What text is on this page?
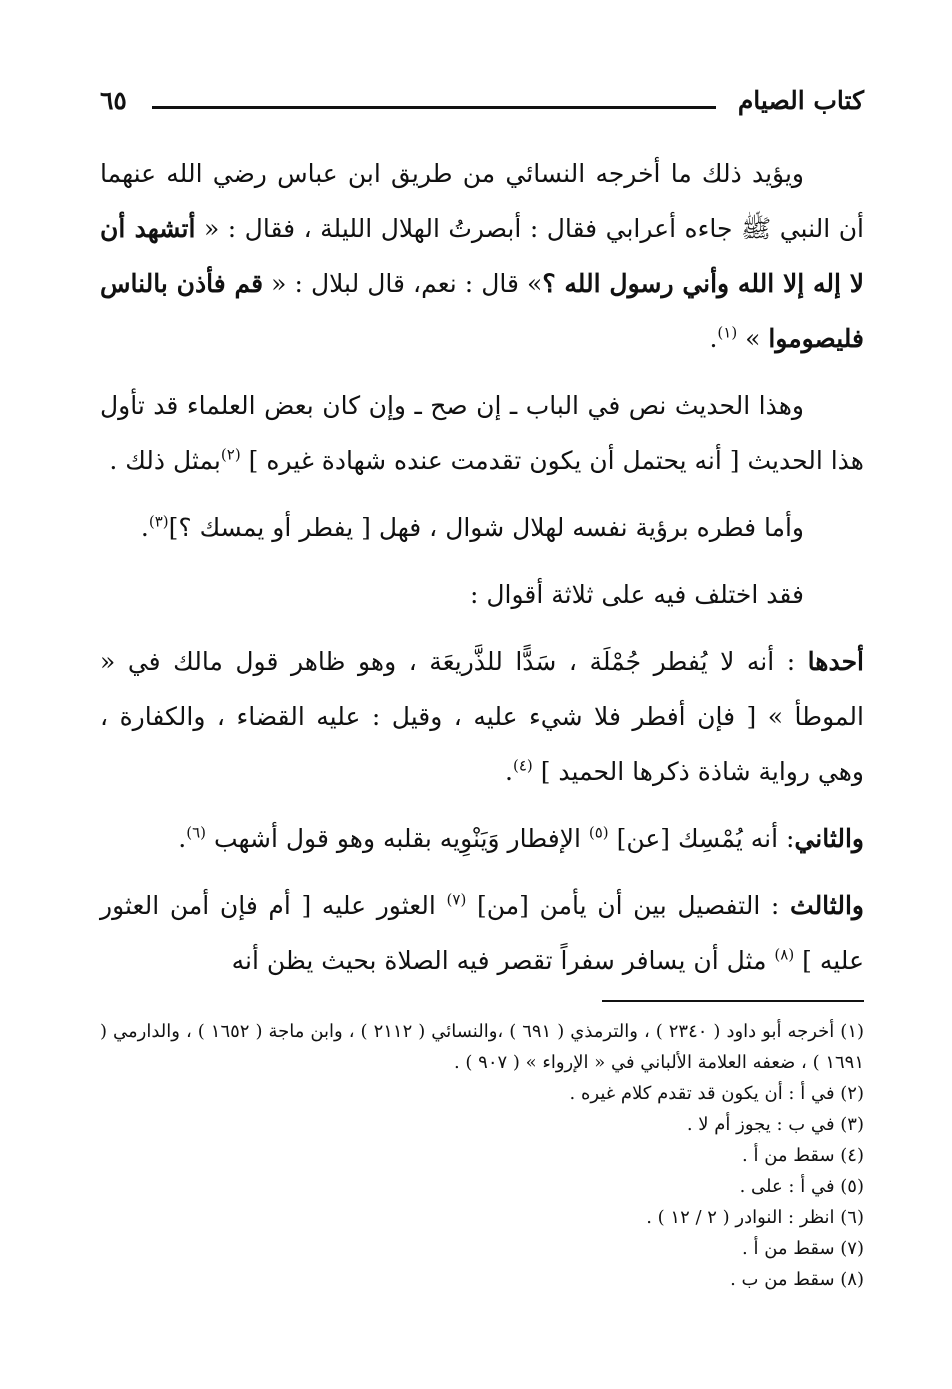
كتاب الصيام
٦٥

ويؤيد ذلك ما أخرجه النسائي من طريق ابن عباس رضي الله عنهما أن النبي ﷺ جاءه أعرابي فقال : أبصرتُ الهلال الليلة ، فقال : « أتشهد أن لا إله إلا الله وأني رسول الله ؟» قال : نعم، قال لبلال : « قم فأذن بالناس فليصوموا » $^{(١)}$.

وهذا الحديث نص في الباب ـ إن صح ـ وإن كان بعض العلماء قد تأول هذا الحديث [ أنه يحتمل أن يكون تقدمت عنده شهادة غيره ] $^{(٢)}$بمثل ذلك .

وأما فطره برؤية نفسه لهلال شوال ، فهل [ يفطر أو يمسك ؟]$^{(٣)}$.

فقد اختلف فيه على ثلاثة أقوال :

أحدها : أنه لا يُفطر جُمْلَة ، سَدًّا للذَّريعَة ، وهو ظاهر قول مالك في « الموطأ » [ فإن أفطر فلا شيء عليه ، وقيل : عليه القضاء ، والكفارة ، وهي رواية شاذة ذكرها الحميد ] $^{(٤)}$.

والثاني: أنه يُمْسِك [عن] $^{(٥)}$ الإفطار وَيَنْوِيه بقلبه وهو قول أشهب $^{(٦)}$.

والثالث : التفصيل بين أن يأمن [من] $^{(٧)}$ العثور عليه [ أم فإن أمن العثور عليه ] $^{(٨)}$ مثل أن يسافر سفراً تقصر فيه الصلاة بحيث يظن أنه

(١) أخرجه أبو داود ( ٢٣٤٠ ) ، والترمذي ( ٦٩١ ) ،والنسائي ( ٢١١٢ ) ، وابن ماجة ( ١٦٥٢ ) ، والدارمي ( ١٦٩١ ) ، ضعفه العلامة الألباني في « الإرواء » ( ٩٠٧ ) .

(٢) في أ : أن يكون قد تقدم كلام غيره .

(٣) في ب : يجوز أم لا .

(٤) سقط من أ .

(٥) في أ : على .

(٦) انظر : النوادر ( ٢ / ١٢ ) .

(٧) سقط من أ .

(٨) سقط من ب .
